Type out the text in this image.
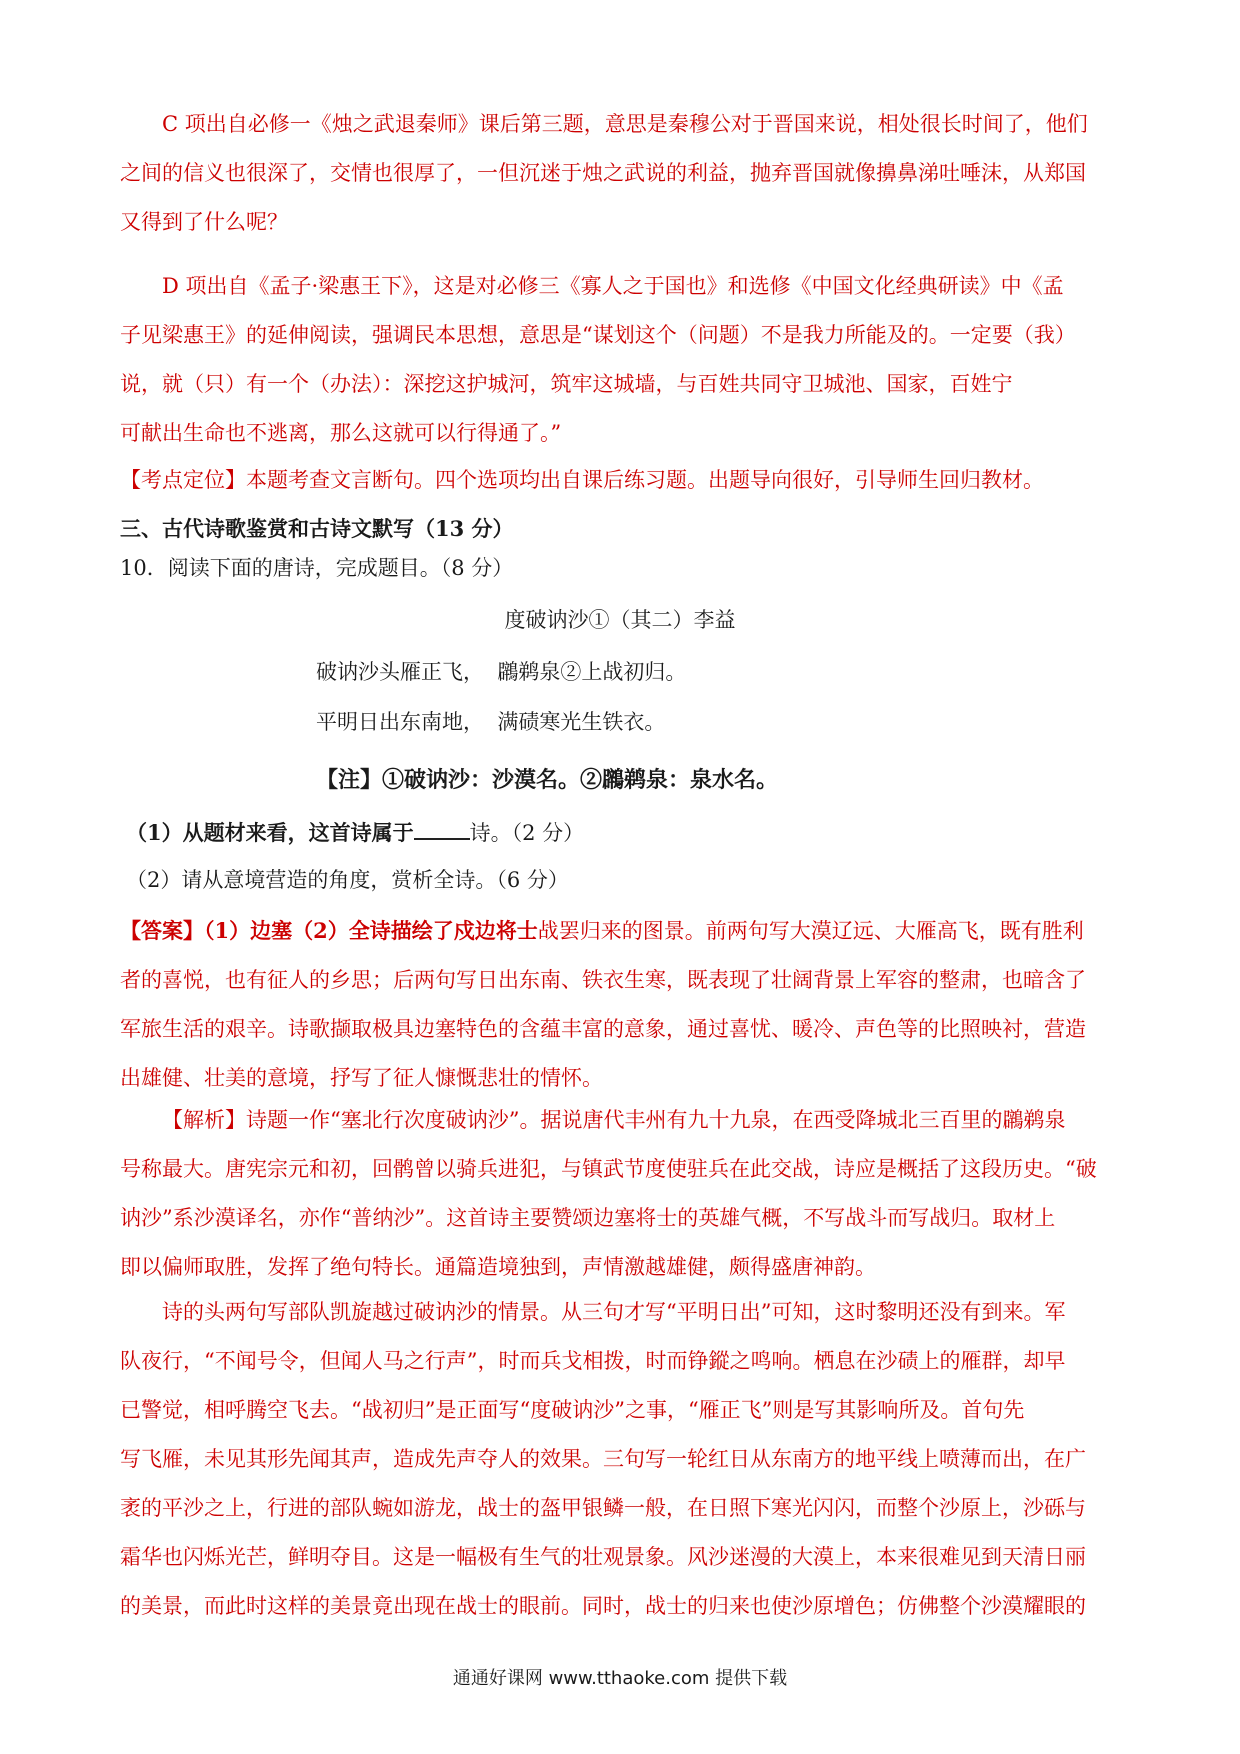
C 项出自必修一《烛之武退秦师》课后第三题，意思是秦穆公对于晋国来说，相处很长时间了，他们
之间的信义也很深了，交情也很厚了，一但沉迷于烛之武说的利益，抛弃晋国就像擤鼻涕吐唾沫，从郑国
又得到了什么呢？
D 项出自《孟子·梁惠王下》，这是对必修三《寡人之于国也》和选修《中国文化经典研读》中《孟
子见梁惠王》的延伸阅读，强调民本思想，意思是“谋划这个（问题）不是我力所能及的。一定要（我）
说，就（只）有一个（办法）：深挖这护城河，筑牢这城墙，与百姓共同守卫城池、国家，百姓宁
可献出生命也不逃离，那么这就可以行得通了。”
【考点定位】本题考查文言断句。四个选项均出自课后练习题。出题导向很好，引导师生回归教材。
三、古代诗歌鉴赏和古诗文默写（13 分）
10．阅读下面的唐诗，完成题目。（8 分）
度破讷沙①（其二）李益
破讷沙头雁正飞，  鸊鹈泉②上战初归。
平明日出东南地，  满碛寒光生铁衣。
【注】①破讷沙：沙漠名。②鸊鹈泉：泉水名。
（1）从题材来看，这首诗属于	诗。（2 分）
（2）请从意境营造的角度，赏析全诗。（6 分）
【答案】（1）边塞（2）全诗描绘了戍边将士战罢归来的图景。前两句写大漠辽远、大雁高飞，既有胜利
者的喜悦，也有征人的乡思；后两句写日出东南、铁衣生寒，既表现了壮阔背景上军容的整肃，也暗含了
军旅生活的艰辛。诗歌撷取极具边塞特色的含蕴丰富的意象，通过喜忧、暖冷、声色等的比照映衬，营造
出雄健、壮美的意境，抒写了征人慷慨悲壮的情怀。
【解析】诗题一作“塞北行次度破讷沙”。据说唐代丰州有九十九泉，在西受降城北三百里的鸊鹈泉
号称最大。唐宪宗元和初，回鹘曾以骑兵进犯，与镇武节度使驻兵在此交战，诗应是概括了这段历史。“破
讷沙”系沙漠译名，亦作“普纳沙”。这首诗主要赞颂边塞将士的英雄气概，不写战斗而写战归。取材上
即以偏师取胜，发挥了绝句特长。通篇造境独到，声情激越雄健，颇得盛唐神韵。
诗的头两句写部队凯旋越过破讷沙的情景。从三句才写“平明日出”可知，这时黎明还没有到来。军
队夜行，“不闻号令，但闻人马之行声”，时而兵戈相拨，时而铮鏦之鸣响。栖息在沙碛上的雁群，却早
已警觉，相呼腾空飞去。“战初归”是正面写“度破讷沙”之事，“雁正飞”则是写其影响所及。首句先
写飞雁，未见其形先闻其声，造成先声夺人的效果。三句写一轮红日从东南方的地平线上喷薄而出，在广
袤的平沙之上，行进的部队蜿如游龙，战士的盔甲银鳞一般，在日照下寒光闪闪，而整个沙原上，沙砾与
霜华也闪烁光芒，鲜明夺目。这是一幅极有生气的壮观景象。风沙迷漫的大漠上，本来很难见到天清日丽
的美景，而此时这样的美景竟出现在战士的眼前。同时，战士的归来也使沙原增色；仿佛整个沙漠耀眼的
通通好课网 www.tthaoke.com 提供下载
